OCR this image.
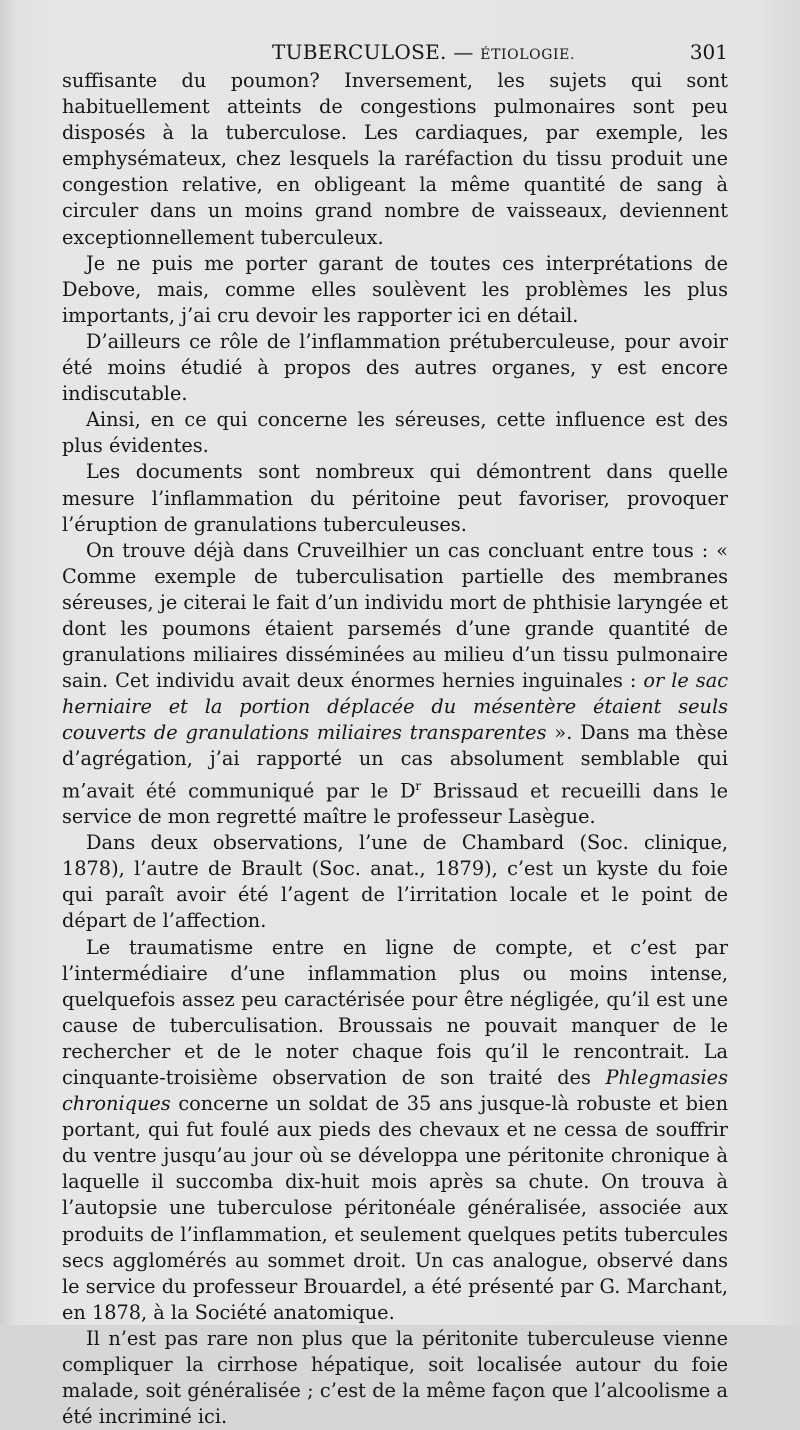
TUBERCULOSE. — ÉTIOLOGIE.	301

suffisante du poumon? Inversement, les sujets qui sont habituellement atteints de congestions pulmonaires sont peu disposés à la tuberculose. Les cardiaques, par exemple, les emphysémateux, chez lesquels la raréfaction du tissu produit une congestion relative, en obligeant la même quantité de sang à circuler dans un moins grand nombre de vaisseaux, deviennent exceptionnellement tuberculeux.

Je ne puis me porter garant de toutes ces interprétations de Debove, mais, comme elles soulèvent les problèmes les plus importants, j’ai cru devoir les rapporter ici en détail.

D’ailleurs ce rôle de l’inflammation prétuberculeuse, pour avoir été moins étudié à propos des autres organes, y est encore indiscutable.

Ainsi, en ce qui concerne les séreuses, cette influence est des plus évidentes.

Les documents sont nombreux qui démontrent dans quelle mesure l’inflammation du péritoine peut favoriser, provoquer l’éruption de granulations tuberculeuses.

On trouve déjà dans Cruveilhier un cas concluant entre tous : « Comme exemple de tuberculisation partielle des membranes séreuses, je citerai le fait d’un individu mort de phthisie laryngée et dont les poumons étaient parsemés d’une grande quantité de granulations miliaires disséminées au milieu d’un tissu pulmonaire sain. Cet individu avait deux énormes hernies inguinales : or le sac herniaire et la portion déplacée du mésentère étaient seuls couverts de granulations miliaires transparentes ». Dans ma thèse d’agrégation, j’ai rapporté un cas absolument semblable qui m’avait été communiqué par le $D^r$ Brissaud et recueilli dans le service de mon regretté maître le professeur Lasègue.

Dans deux observations, l’une de Chambard (Soc. clinique, 1878), l’autre de Brault (Soc. anat., 1879), c’est un kyste du foie qui paraît avoir été l’agent de l’irritation locale et le point de départ de l’affection.

Le traumatisme entre en ligne de compte, et c’est par l’intermédiaire d’une inflammation plus ou moins intense, quelquefois assez peu caractérisée pour être négligée, qu’il est une cause de tuberculisation. Broussais ne pouvait manquer de le rechercher et de le noter chaque fois qu’il le rencontrait. La cinquante-troisième observation de son traité des Phlegmasies chroniques concerne un soldat de 35 ans jusque-là robuste et bien portant, qui fut foulé aux pieds des chevaux et ne cessa de souffrir du ventre jusqu’au jour où se développa une péritonite chronique à laquelle il succomba dix-huit mois après sa chute. On trouva à l’autopsie une tuberculose péritonéale généralisée, associée aux produits de l’inflammation, et seulement quelques petits tubercules secs agglomérés au sommet droit. Un cas analogue, observé dans le service du professeur Brouardel, a été présenté par G. Marchant, en 1878, à la Société anatomique.

Il n’est pas rare non plus que la péritonite tuberculeuse vienne compliquer la cirrhose hépatique, soit localisée autour du foie malade, soit généralisée ; c’est de la même façon que l’alcoolisme a été incriminé ici.
